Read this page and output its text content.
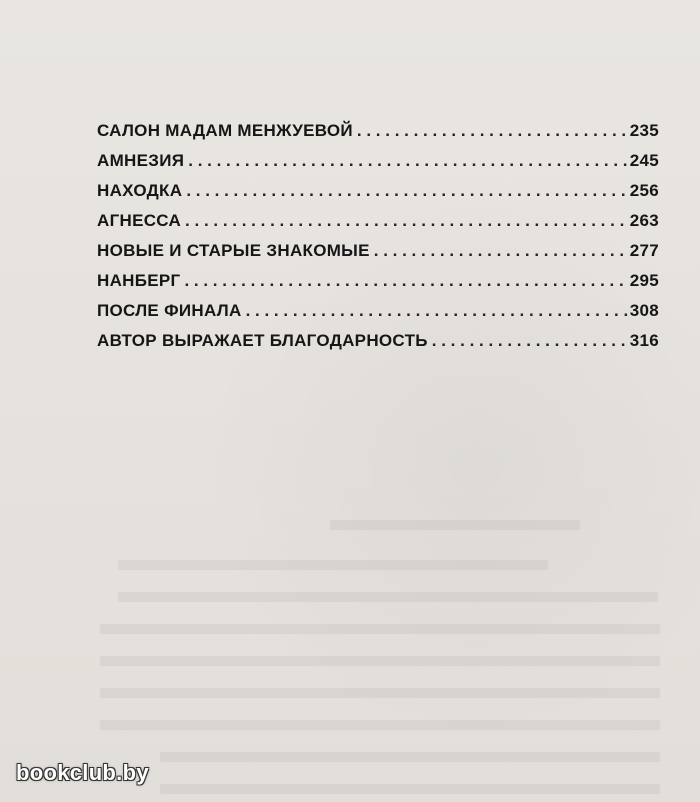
САЛОН МАДАМ МЕНЖУЕВОЙ . . .	235
АМНЕЗИЯ . . .	245
НАХОДКА . . .	256
АГНЕССА . . .	263
НОВЫЕ И СТАРЫЕ ЗНАКОМЫЕ . . .	277
НАНБЕРГ . . .	295
ПОСЛЕ ФИНАЛА . . .	308
АВТОР ВЫРАЖАЕТ БЛАГОДАРНОСТЬ . . .	316
bookclub.by
